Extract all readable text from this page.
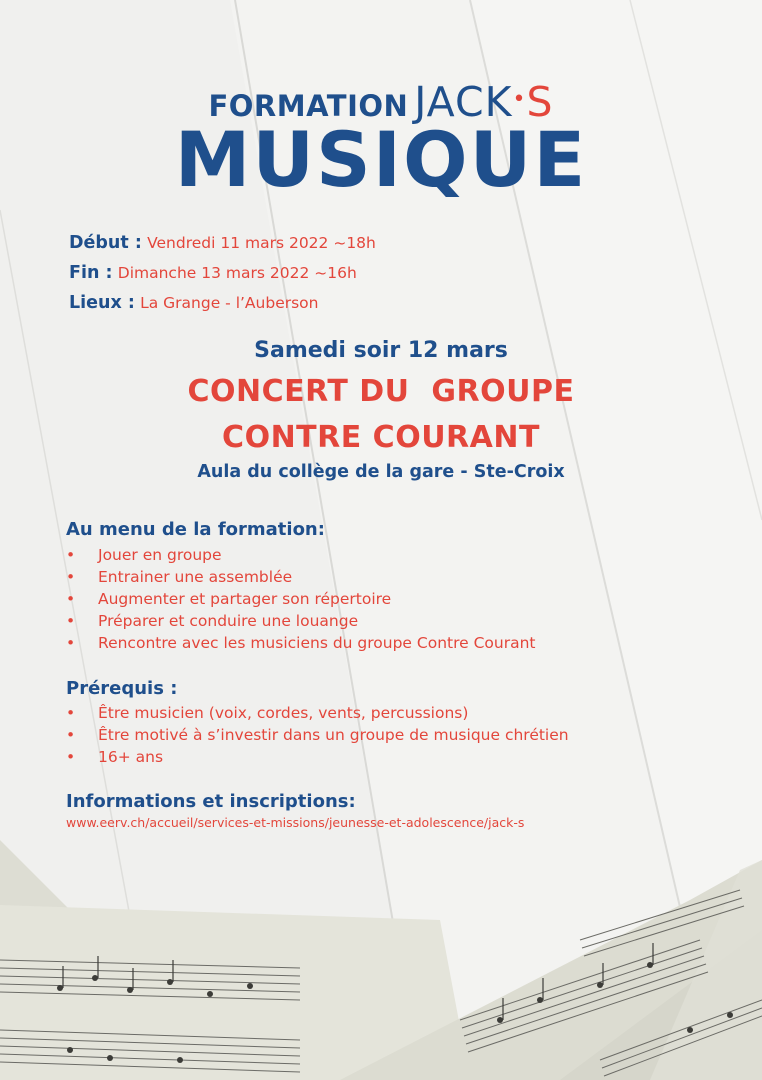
FORMATION JACK•S
MUSIQUE
Début : Vendredi 11 mars 2022 ~18h
Fin : Dimanche 13 mars 2022 ~16h
Lieux : La Grange - l’Auberson
Samedi soir 12 mars
CONCERT DU  GROUPE
CONTRE COURANT
Aula du collège de la gare - Ste-Croix
Au menu de la formation:
• Jouer en groupe
• Entrainer une assemblée
• Augmenter et partager son répertoire
• Préparer et conduire une louange
• Rencontre avec les musiciens du groupe Contre Courant
Prérequis :
• Être musicien (voix, cordes, vents, percussions)
• Être motivé à s’investir dans un groupe de musique chrétien
• 16+ ans
Informations et inscriptions:
www.eerv.ch/accueil/services-et-missions/jeunesse-et-adolescence/jack-s
